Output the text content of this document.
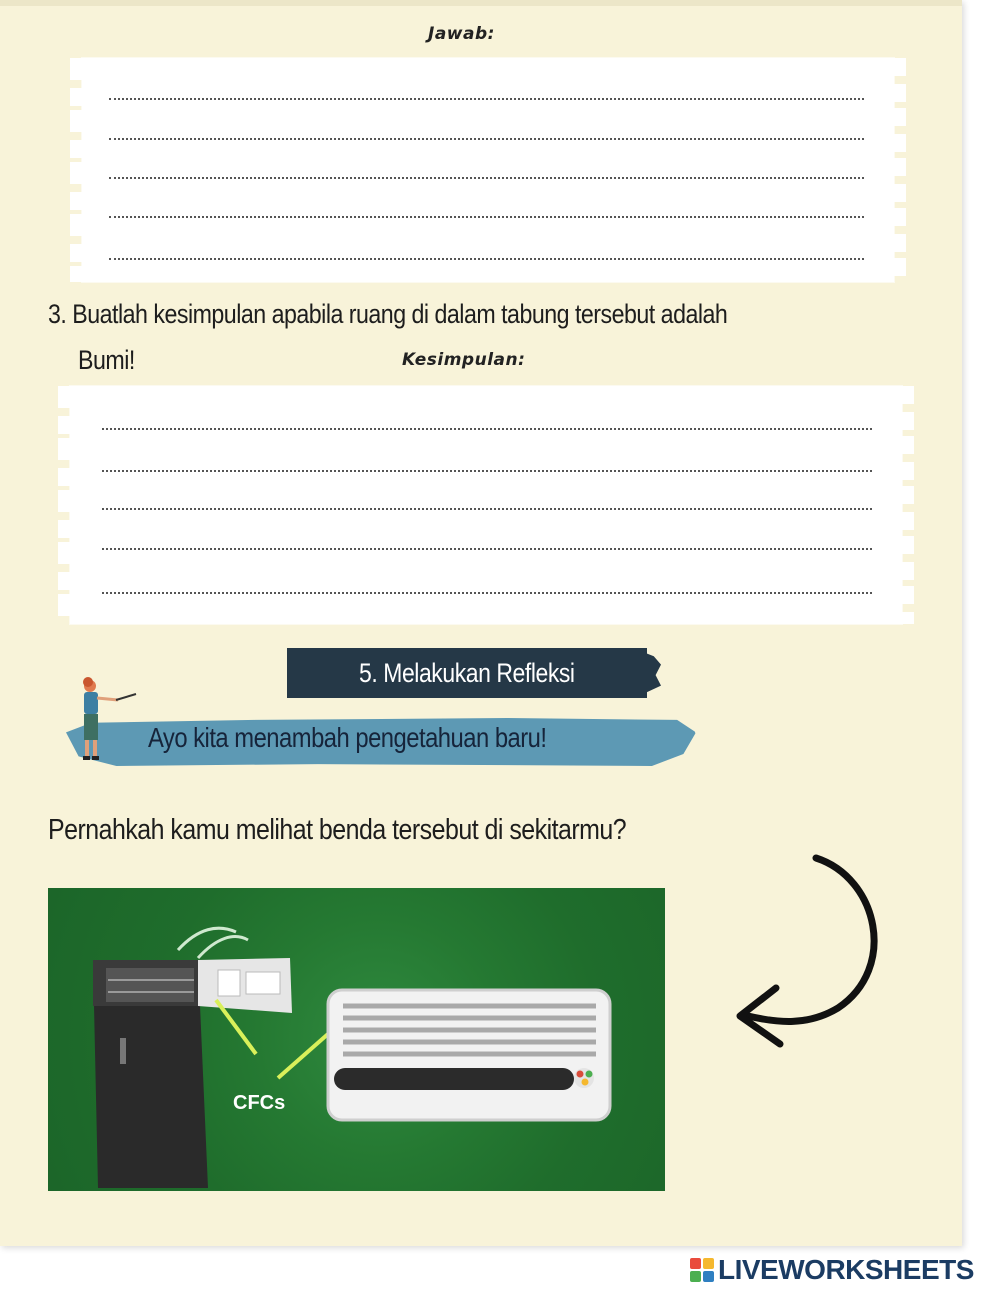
Jawab:
3. Buatlah kesimpulan apabila ruang di dalam tabung tersebut adalah
Bumi!	Kesimpulan:
5. Melakukan Refleksi
Ayo kita menambah pengetahuan baru!
Pernahkah kamu melihat benda tersebut di sekitarmu?
CFCs
LIVEWORKSHEETS
